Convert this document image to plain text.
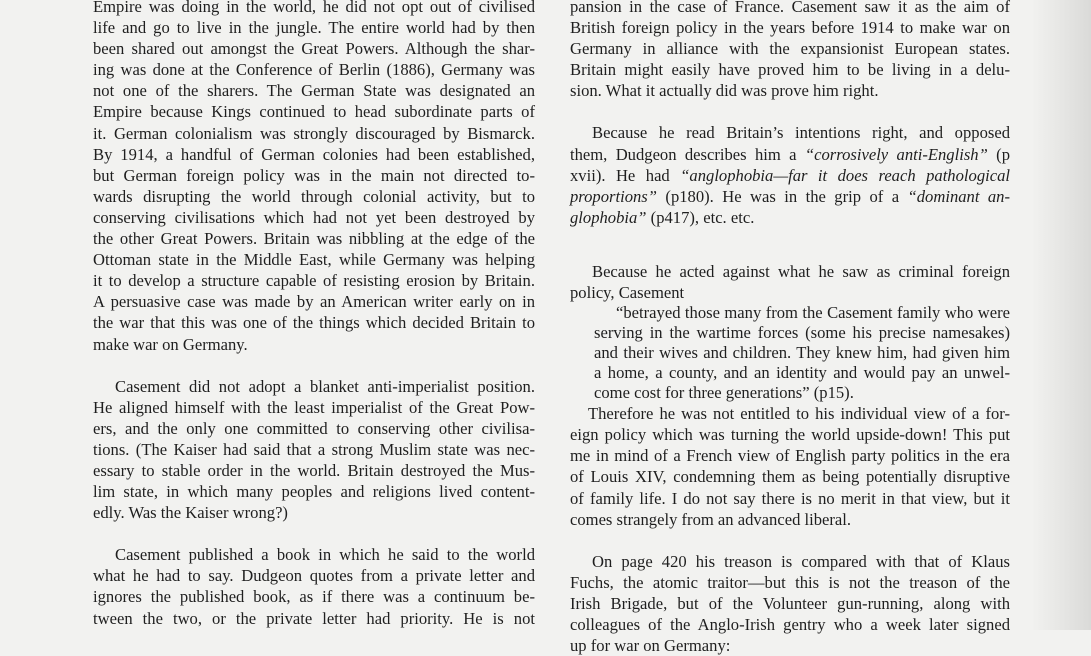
Empire was doing in the world, he did not opt out of civilised
life and go to live in the jungle. The entire world had by then
been shared out amongst the Great Powers. Although the shar-
ing was done at the Conference of Berlin (1886), Germany was
not one of the sharers. The German State was designated an
Empire because Kings continued to head subordinate parts of
it. German colonialism was strongly discouraged by Bismarck.
By 1914, a handful of German colonies had been established,
but German foreign policy was in the main not directed to-
wards disrupting the world through colonial activity, but to
conserving civilisations which had not yet been destroyed by
the other Great Powers. Britain was nibbling at the edge of the
Ottoman state in the Middle East, while Germany was helping
it to develop a structure capable of resisting erosion by Britain.
A persuasive case was made by an American writer early on in
the war that this was one of the things which decided Britain to
make war on Germany.

Casement did not adopt a blanket anti-imperialist position.
He aligned himself with the least imperialist of the Great Pow-
ers, and the only one committed to conserving other civilisa-
tions. (The Kaiser had said that a strong Muslim state was nec-
essary to stable order in the world. Britain destroyed the Mus-
lim state, in which many peoples and religions lived content-
edly. Was the Kaiser wrong?)

Casement published a book in which he said to the world
what he had to say. Dudgeon quotes from a private letter and
ignores the published book, as if there was a continuum be-
tween the two, or the private letter had priority. He is not

pansion in the case of France. Casement saw it as the aim of
British foreign policy in the years before 1914 to make war on
Germany in alliance with the expansionist European states.
Britain might easily have proved him to be living in a delu-
sion. What it actually did was prove him right.

Because he read Britain’s intentions right, and opposed
them, Dudgeon describes him a “corrosively anti-English” (p
xvii). He had “anglophobia—far it does reach pathological
proportions” (p180). He was in the grip of a “dominant an-
glophobia” (p417), etc. etc.

Because he acted against what he saw as criminal foreign
policy, Casement

“betrayed those many from the Casement family who were
serving in the wartime forces (some his precise namesakes)
and their wives and children. They knew him, had given him
a home, a county, and an identity and would pay an unwel-
come cost for three generations” (p15).

Therefore he was not entitled to his individual view of a for-
eign policy which was turning the world upside-down! This put
me in mind of a French view of English party politics in the era
of Louis XIV, condemning them as being potentially disruptive
of family life. I do not say there is no merit in that view, but it
comes strangely from an advanced liberal.

On page 420 his treason is compared with that of Klaus
Fuchs, the atomic traitor—but this is not the treason of the
Irish Brigade, but of the Volunteer gun-running, along with
colleagues of the Anglo-Irish gentry who a week later signed
up for war on Germany:
